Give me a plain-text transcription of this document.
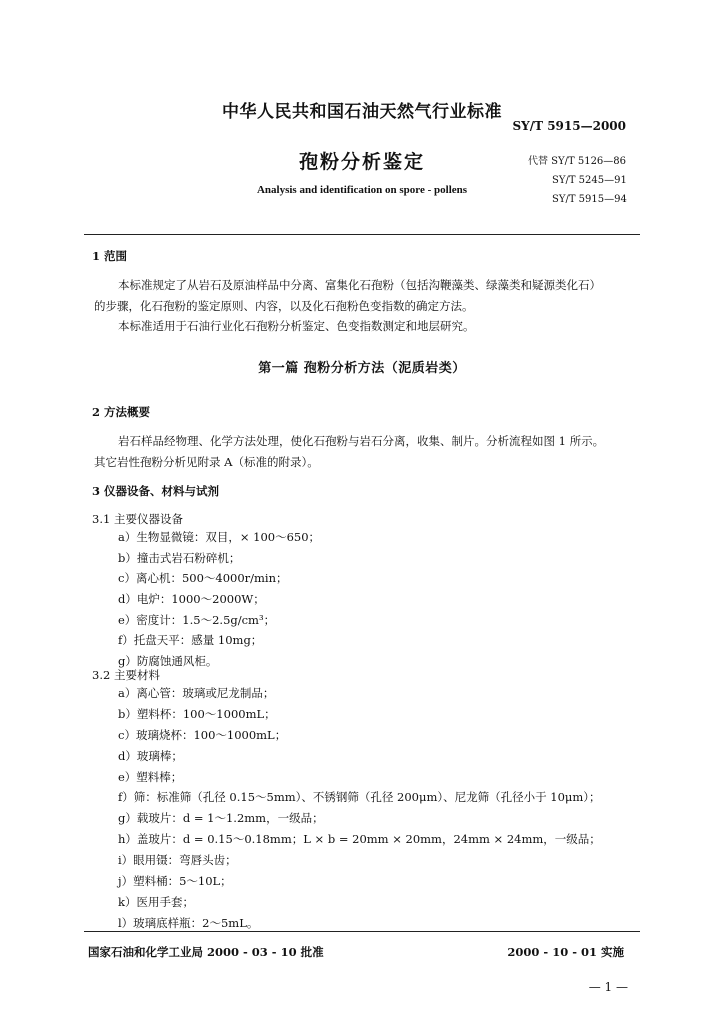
中华人民共和国石油天然气行业标准
SY/T 5915—2000
孢粉分析鉴定
Analysis and identification on spore - pollens
代替 SY/T 5126—86
SY/T 5245—91
SY/T 5915—94
1 范围
本标准规定了从岩石及原油样品中分离、富集化石孢粉（包括沟鞭藻类、绿藻类和疑源类化石）
的步骤，化石孢粉的鉴定原则、内容，以及化石孢粉色变指数的确定方法。
本标准适用于石油行业化石孢粉分析鉴定、色变指数测定和地层研究。
第一篇 孢粉分析方法（泥质岩类）
2 方法概要
岩石样品经物理、化学方法处理，使化石孢粉与岩石分离，收集、制片。分析流程如图 1 所示。
其它岩性孢粉分析见附录 A（标准的附录）。
3 仪器设备、材料与试剂
3.1 主要仪器设备
a）生物显微镜：双目，× 100～650；
b）撞击式岩石粉碎机；
c）离心机：500～4000r/min；
d）电炉：1000～2000W；
e）密度计：1.5～2.5g/cm³；
f）托盘天平：感量 10mg；
g）防腐蚀通风柜。
3.2 主要材料
a）离心管：玻璃或尼龙制品；
b）塑料杯：100～1000mL；
c）玻璃烧杯：100～1000mL；
d）玻璃棒；
e）塑料棒；
f）筛：标准筛（孔径 0.15～5mm）、不锈钢筛（孔径 200μm）、尼龙筛（孔径小于 10μm）；
g）载玻片：d = 1～1.2mm，一级品；
h）盖玻片：d = 0.15～0.18mm；L × b = 20mm × 20mm，24mm × 24mm，一级品；
i）眼用镊：弯唇头齿；
j）塑料桶：5～10L；
k）医用手套；
l）玻璃底样瓶：2～5mL。
国家石油和化学工业局 2000 - 03 - 10 批准	2000 - 10 - 01 实施
— 1 —
